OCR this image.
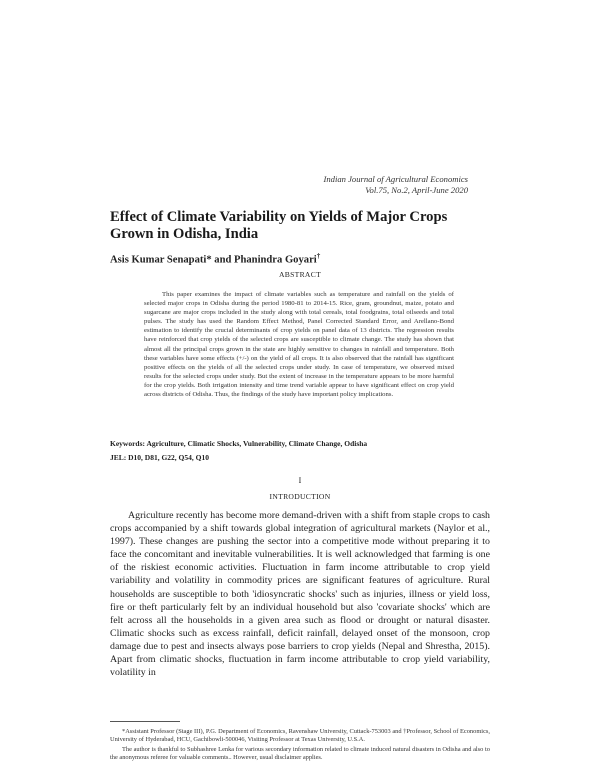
Indian Journal of Agricultural Economics
Vol.75, No.2, April-June 2020
Effect of Climate Variability on Yields of Major Crops Grown in Odisha, India
Asis Kumar Senapati* and Phanindra Goyari†
ABSTRACT

This paper examines the impact of climate variables such as temperature and rainfall on the yields of selected major crops in Odisha during the period 1980-81 to 2014-15. Rice, gram, groundnut, maize, potato and sugarcane are major crops included in the study along with total cereals, total foodgrains, total oilseeds and total pulses. The study has used the Random Effect Method, Panel Corrected Standard Error, and Arellano-Bond estimation to identify the crucial determinants of crop yields on panel data of 13 districts. The regression results have reinforced that crop yields of the selected crops are susceptible to climate change. The study has shown that almost all the principal crops grown in the state are highly sensitive to changes in rainfall and temperature. Both these variables have some effects (+/-) on the yield of all crops. It is also observed that the rainfall has significant positive effects on the yields of all the selected crops under study. In case of temperature, we observed mixed results for the selected crops under study. But the extent of increase in the temperature appears to be more harmful for the crop yields. Both irrigation intensity and time trend variable appear to have significant effect on crop yield across districts of Odisha. Thus, the findings of the study have important policy implications.

Keywords: Agriculture, Climatic Shocks, Vulnerability, Climate Change, Odisha
JEL: D10, D81, G22, Q54, Q10
I
INTRODUCTION

Agriculture recently has become more demand-driven with a shift from staple crops to cash crops accompanied by a shift towards global integration of agricultural markets (Naylor et al., 1997). These changes are pushing the sector into a competitive mode without preparing it to face the concomitant and inevitable vulnerabilities. It is well acknowledged that farming is one of the riskiest economic activities. Fluctuation in farm income attributable to crop yield variability and volatility in commodity prices are significant features of agriculture. Rural households are susceptible to both 'idiosyncratic shocks' such as injuries, illness or yield loss, fire or theft particularly felt by an individual household but also 'covariate shocks' which are felt across all the households in a given area such as flood or drought or natural disaster. Climatic shocks such as excess rainfall, deficit rainfall, delayed onset of the monsoon, crop damage due to pest and insects always pose barriers to crop yields (Nepal and Shrestha, 2015). Apart from climatic shocks, fluctuation in farm income attributable to crop yield variability, volatility in

*Assistant Professor (Stage III), P.G. Department of Economics, Ravenshaw University, Cuttack-753003 and †Professor, School of Economics, University of Hyderabad, HCU, Gachibowli-500046, Visiting Professor at Texas University, U.S.A.

The author is thankful to Subhashree Lenka for various secondary information related to climate induced natural disasters in Odisha and also to the anonymous referee for valuable comments.. However, usual disclaimer applies.
